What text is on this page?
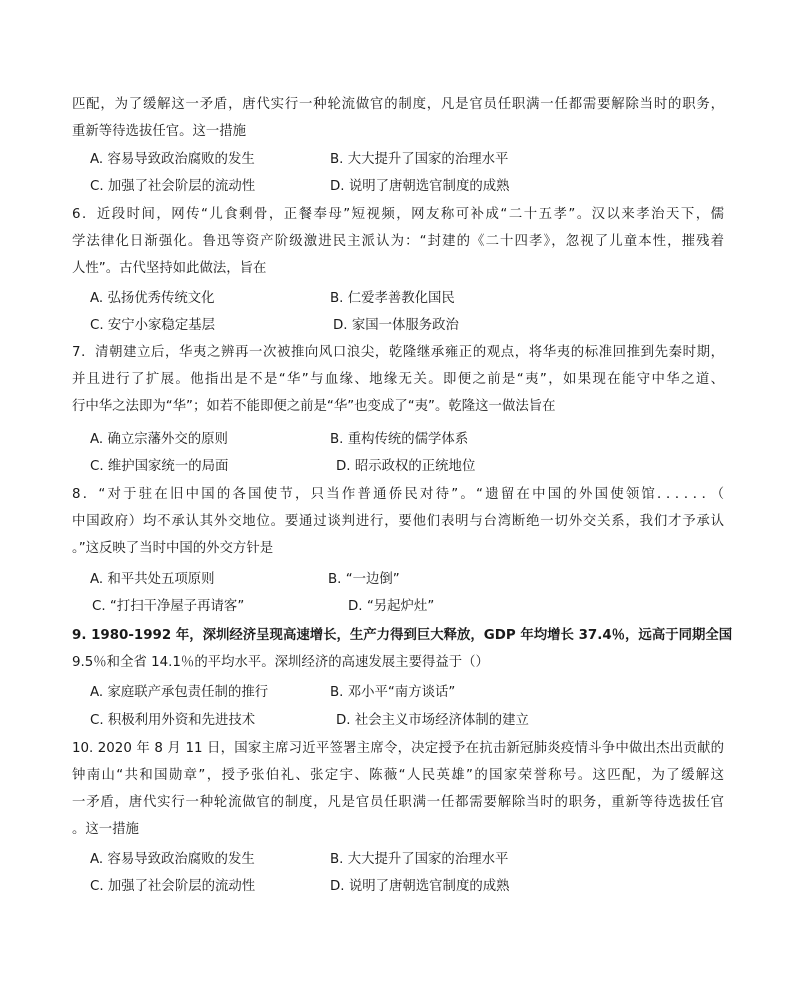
匹配，为了缓解这一矛盾，唐代实行一种轮流做官的制度，凡是官员任职满一任都需要解除当时的职务，
重新等待选拔任官。这一措施
A. 容易导致政治腐败的发生	B. 大大提升了国家的治理水平
C. 加强了社会阶层的流动性	D. 说明了唐朝选官制度的成熟
6．近段时间，网传“儿食剩骨，正餐奉母”短视频，网友称可补成“二十五孝”。汉以来孝治天下，儒
学法律化日渐强化。鲁迅等资产阶级激进民主派认为：“封建的《二十四孝》，忽视了儿童本性，摧残着
人性”。古代坚持如此做法，旨在
A. 弘扬优秀传统文化	B. 仁爱孝善教化国民
C. 安宁小家稳定基层	D. 家国一体服务政治
7．清朝建立后，华夷之辨再一次被推向风口浪尖，乾隆继承雍正的观点，将华夷的标准回推到先秦时期，
并且进行了扩展。他指出是不是“华”与血缘、地缘无关。即便之前是“夷”，如果现在能守中华之道、
行中华之法即为“华”；如若不能即便之前是“华”也变成了“夷”。乾隆这一做法旨在
A. 确立宗藩外交的原则	B. 重构传统的儒学体系
C. 维护国家统一的局面	D. 昭示政权的正统地位
8．“对于驻在旧中国的各国使节，只当作普通侨民对待”。“遗留在中国的外国使领馆．．．．．．（
中国政府）均不承认其外交地位。要通过谈判进行，要他们表明与台湾断绝一切外交关系，我们才予承认
。”这反映了当时中国的外交方针是
A. 和平共处五项原则	B. “一边倒”
C. “打扫干净屋子再请客”	D. “另起炉灶”
9. 1980-1992 年，深圳经济呈现高速增长，生产力得到巨大释放，GDP 年均增长 37.4％，远高于同期全国
9.5％和全省 14.1％的平均水平。深圳经济的高速发展主要得益于（）
A. 家庭联产承包责任制的推行	B. 邓小平“南方谈话”
C. 积极利用外资和先进技术	D. 社会主义市场经济体制的建立
10. 2020 年 8 月 11 日，国家主席习近平签署主席令，决定授予在抗击新冠肺炎疫情斗争中做出杰出贡献的
钟南山“共和国勋章”，授予张伯礼、张定宇、陈薇“人民英雄”的国家荣誉称号。这匹配，为了缓解这
一矛盾，唐代实行一种轮流做官的制度，凡是官员任职满一任都需要解除当时的职务，重新等待选拔任官
。这一措施
A. 容易导致政治腐败的发生	B. 大大提升了国家的治理水平
C. 加强了社会阶层的流动性	D. 说明了唐朝选官制度的成熟
